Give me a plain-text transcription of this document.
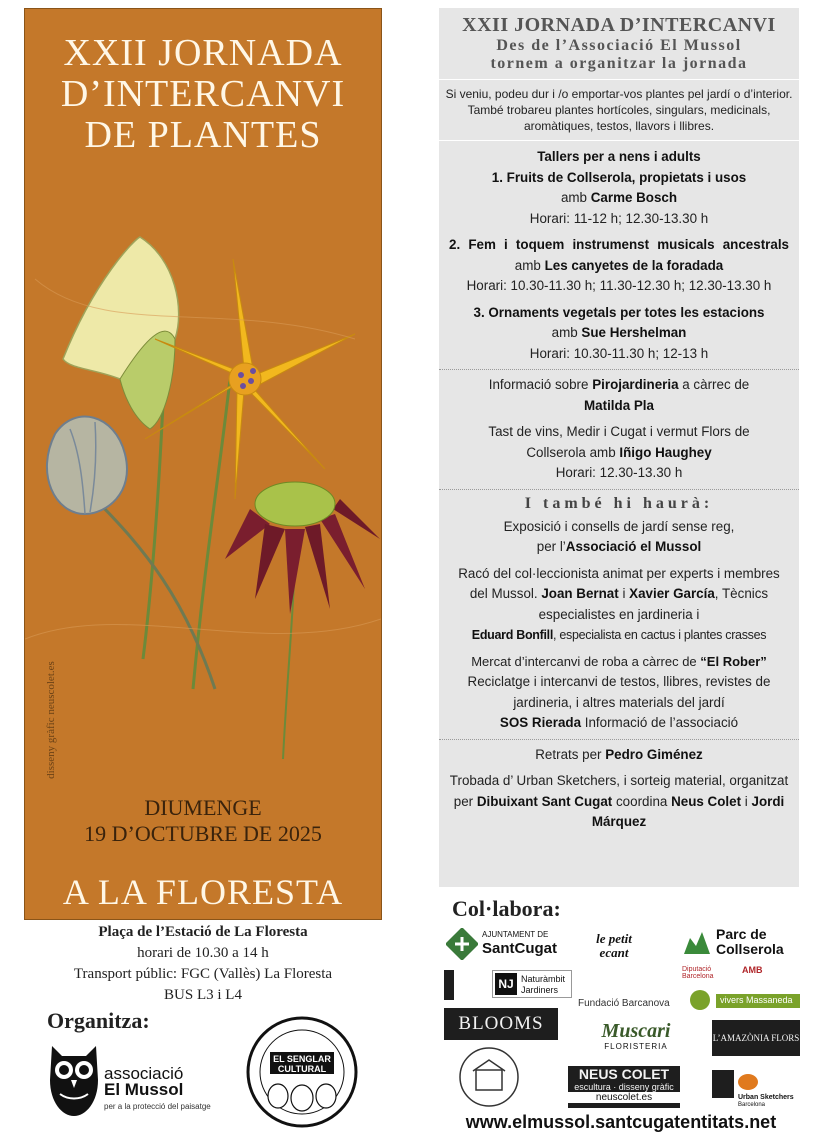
XXII JORNADA
D’INTERCANVI
DE PLANTES
DIUMENGE
19 D’OCTUBRE DE 2025
A LA FLORESTA
disseny gràfic neuscolet.es
Plaça de l’Estació de La Floresta
horari de 10.30 a 14 h
Transport públic: FGC (Vallès) La Floresta
BUS L3 i L4
Organitza:
associació
El Mussol
per a la protecció del paisatge
EL SENGLAR
CULTURAL
XXII JORNADA D’INTERCANVI
Des de l’Associació El Mussol
tornem a organitzar la jornada
Si veniu, podeu dur i /o emportar-vos plantes pel jardí o d’interior. També trobareu plantes hortícoles, singulars, medicinals, aromàtiques, testos, llavors i llibres.
Tallers per a nens i adults
1. Fruits de Collserola, propietats i usos
amb Carme Bosch
Horari: 11-12 h; 12.30-13.30 h
2. Fem i toquem instrumenst musicals ancestrals amb Les canyetes de la foradada
Horari: 10.30-11.30 h; 11.30-12.30 h; 12.30-13.30 h
3. Ornaments vegetals per totes les estacions
amb Sue Hershelman
Horari: 10.30-11.30 h; 12-13 h
Informació sobre Pirojardineria a càrrec de
Matilda Pla
Tast de vins, Medir i Cugat i vermut Flors de Collserola amb Iñigo Haughey
Horari: 12.30-13.30 h
I també hi haurà:
Exposició i consells de jardí sense reg,
per l’Associació el Mussol
Racó del col·leccionista animat per experts i membres del Mussol. Joan Bernat i Xavier García, Tècnics especialistes en jardineria i
Eduard Bonfill, especialista en cactus i plantes crasses
Mercat d’intercanvi de roba a càrrec de “El Rober”
Reciclatge i intercanvi de testos, llibres, revistes de jardineria, i altres materials del jardí
SOS Rierada Informació de l’associació
Retrats per Pedro Giménez
Trobada d’ Urban Sketchers, i sorteig material, organitzat per Dibuixant Sant Cugat coordina Neus Colet i Jordi Márquez
Col·labora:
AJUNTAMENT DE
SantCugat
le petit ecant
Parc de
Collserola
Diputació Barcelona
AMB
NJ Naturàmbit
Jardiners
Fundació Barcanova	vivers Massaneda
BLOOMS	Muscari
FLORISTERIA
L’AMAZÒNIA FLORS
NEUS COLET
escultura · disseny gràfic
neuscolet.es	Urban Sketchers
Barcelona
www.elmussol.santcugatentitats.net
